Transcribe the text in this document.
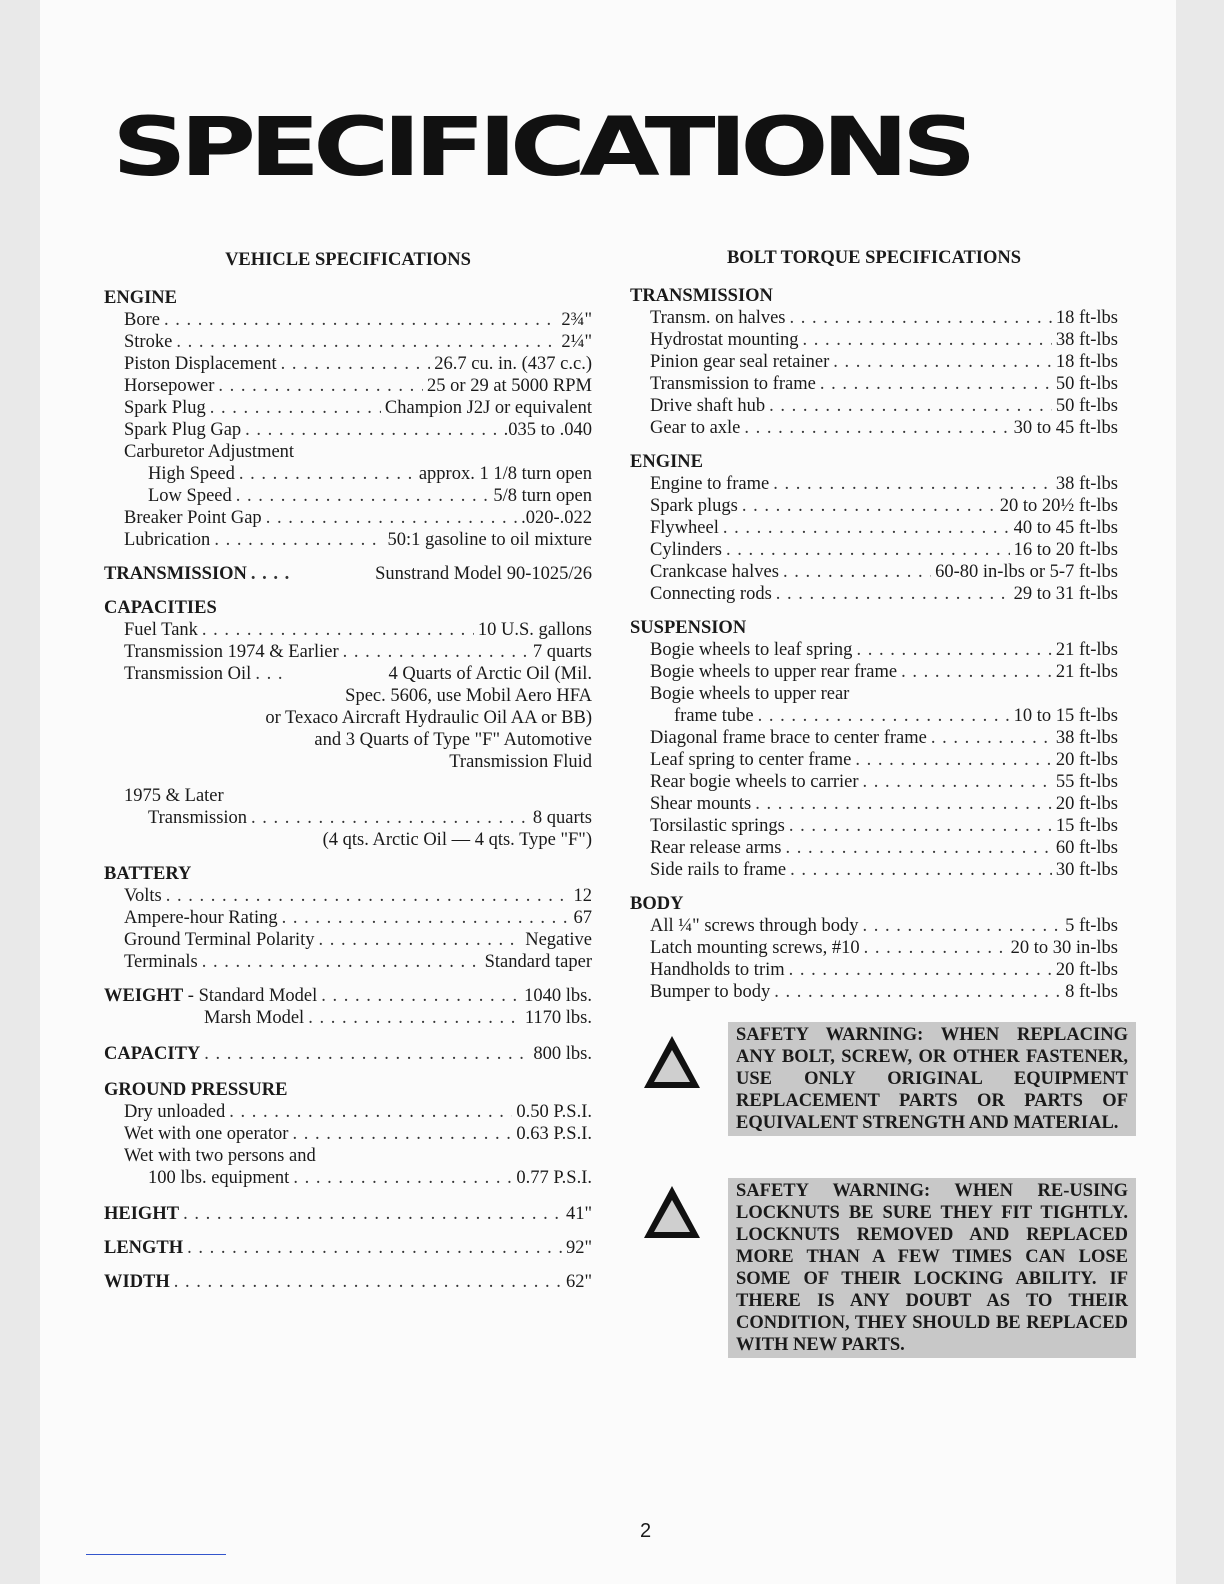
SPECIFICATIONS
VEHICLE SPECIFICATIONS
ENGINE
Bore . . .	2¾"
Stroke . . .	2¼"
Piston Displacement . . .	26.7 cu. in. (437 c.c.)
Horsepower . . .	25 or 29 at 5000 RPM
Spark Plug . . .	Champion J2J or equivalent
Spark Plug Gap . . .	.035 to .040
Carburetor Adjustment
High Speed . . .	approx. 1 1/8 turn open
Low Speed . . .	5/8 turn open
Breaker Point Gap . . .	.020-.022
Lubrication . . .	50:1 gasoline to oil mixture
TRANSMISSION . . .	Sunstrand Model 90-1025/26
CAPACITIES
Fuel Tank . . .	10 U.S. gallons
Transmission 1974 & Earlier . . .	7 quarts
Transmission Oil . . .	4 Quarts of Arctic Oil (Mil.
Spec. 5606, use Mobil Aero HFA
or Texaco Aircraft Hydraulic Oil AA or BB)
and 3 Quarts of Type "F" Automotive
Transmission Fluid
1975 & Later
Transmission . . .	8 quarts
(4 qts. Arctic Oil — 4 qts. Type "F")
BATTERY
Volts . . .	12
Ampere-hour Rating . . .	67
Ground Terminal Polarity . . .	Negative
Terminals . . .	Standard taper
WEIGHT - Standard Model . . .	1040 lbs.
Marsh Model . . .	1170 lbs.
CAPACITY . . .	800 lbs.
GROUND PRESSURE
Dry unloaded . . .	0.50 P.S.I.
Wet with one operator . . .	0.63 P.S.I.
Wet with two persons and
100 lbs. equipment . . .	0.77 P.S.I.
HEIGHT . . .	41"
LENGTH . . .	92"
WIDTH . . .	62"
BOLT TORQUE SPECIFICATIONS
TRANSMISSION
Transm. on halves . . .	18 ft-lbs
Hydrostat mounting . . .	38 ft-lbs
Pinion gear seal retainer . . .	18 ft-lbs
Transmission to frame . . .	50 ft-lbs
Drive shaft hub . . .	50 ft-lbs
Gear to axle . . .	30 to 45 ft-lbs
ENGINE
Engine to frame . . .	38 ft-lbs
Spark plugs . . .	20 to 20½ ft-lbs
Flywheel . . .	40 to 45 ft-lbs
Cylinders . . .	16 to 20 ft-lbs
Crankcase halves . . .	60-80 in-lbs or 5-7 ft-lbs
Connecting rods . . .	29 to 31 ft-lbs
SUSPENSION
Bogie wheels to leaf spring . . .	21 ft-lbs
Bogie wheels to upper rear frame . . .	21 ft-lbs
Bogie wheels to upper rear
frame tube . . .	10 to 15 ft-lbs
Diagonal frame brace to center frame . . .	38 ft-lbs
Leaf spring to center frame . . .	20 ft-lbs
Rear bogie wheels to carrier . . .	55 ft-lbs
Shear mounts . . .	20 ft-lbs
Torsilastic springs . . .	15 ft-lbs
Rear release arms . . .	60 ft-lbs
Side rails to frame . . .	30 ft-lbs
BODY
All ¼" screws through body . . .	5 ft-lbs
Latch mounting screws, #10 . . .	20 to 30 in-lbs
Handholds to trim . . .	20 ft-lbs
Bumper to body . . .	8 ft-lbs
SAFETY WARNING: WHEN REPLACING ANY BOLT, SCREW, OR OTHER FASTENER, USE ONLY ORIGINAL EQUIPMENT REPLACEMENT PARTS OR PARTS OF EQUIVALENT STRENGTH AND MATERIAL.
SAFETY WARNING: WHEN RE-USING LOCKNUTS BE SURE THEY FIT TIGHTLY. LOCKNUTS REMOVED AND REPLACED MORE THAN A FEW TIMES CAN LOSE SOME OF THEIR LOCKING ABILITY. IF THERE IS ANY DOUBT AS TO THEIR CONDITION, THEY SHOULD BE REPLACED WITH NEW PARTS.
2
